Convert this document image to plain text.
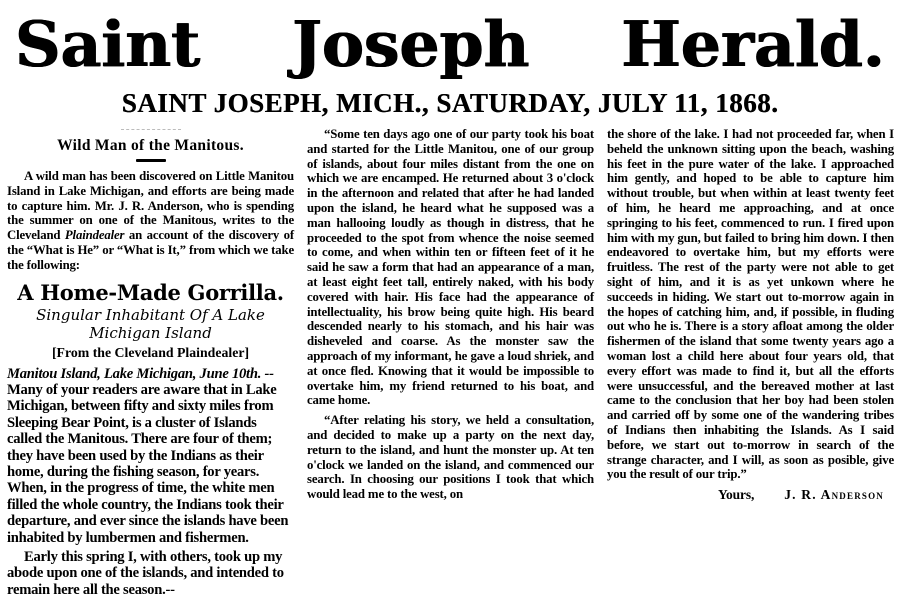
Saint Joseph Herald.
SAINT JOSEPH, MICH., SATURDAY, JULY 11, 1868.
Wild Man of the Manitous.

A wild man has been discovered on Little Manitou Island in Lake Michigan, and efforts are being made to capture him. Mr. J. R. Anderson, who is spending the summer on one of the Manitous, writes to the Cleveland Plaindealer an account of the discovery of the “What is He” or “What is It,” from which we take the following:

A Home-Made Gorrilla.
Singular Inhabitant Of A Lake Michigan Island
[From the Cleveland Plaindealer]

Manitou Island, Lake Michigan, June 10th. -- Many of your readers are aware that in Lake Michigan, between fifty and sixty miles from Sleeping Bear Point, is a cluster of Islands called the Manitous. There are four of them; they have been used by the Indians as their home, during the fishing season, for years. When, in the progress of time, the white men filled the whole country, the Indians took their departure, and ever since the islands have been inhabited by lumbermen and fishermen.

Early this spring I, with others, took up my abode upon one of the islands, and intended to remain here all the season.--

“Some ten days ago one of our party took his boat and started for the Little Manitou, one of our group of islands, about four miles distant from the one on which we are encamped. He returned about 3 o'clock in the afternoon and related that after he had landed upon the island, he heard what he supposed was a man hallooing loudly as though in distress, that he proceeded to the spot from whence the noise seemed to come, and when within ten or fifteen feet of it he said he saw a form that had an appearance of a man, at least eight feet tall, entirely naked, with his body covered with hair. His face had the appearance of intellectuality, his brow being quite high. His beard descended nearly to his stomach, and his hair was disheveled and coarse. As the monster saw the approach of my informant, he gave a loud shriek, and at once fled. Knowing that it would be impossible to overtake him, my friend returned to his boat, and came home.

“After relating his story, we held a consultation, and decided to make up a party on the next day, return to the island, and hunt the monster up. At ten o'clock we landed on the island, and commenced our search. In choosing our positions I took that which would lead me to the west, on

the shore of the lake. I had not proceeded far, when I beheld the unknown sitting upon the beach, washing his feet in the pure water of the lake. I approached him gently, and hoped to be able to capture him without trouble, but when within at least twenty feet of him, he heard me approaching, and at once springing to his feet, commenced to run. I fired upon him with my gun, but failed to bring him down. I then endeavored to overtake him, but my efforts were fruitless. The rest of the party were not able to get sight of him, and it is as yet unkown where he succeeds in hiding. We start out to-morrow again in the hopes of catching him, and, if possible, in fluding out who he is. There is a story afloat among the older fishermen of the island that some twenty years ago a woman lost a child here about four years old, that every effort was made to find it, but all the efforts were unsuccessful, and the bereaved mother at last came to the conclusion that her boy had been stolen and carried off by some one of the wandering tribes of Indians then inhabiting the Islands. As I said before, we start out to-morrow in search of the strange character, and I will, as soon as posible, give you the result of our trip.”

Yours, J. R. Anderson
